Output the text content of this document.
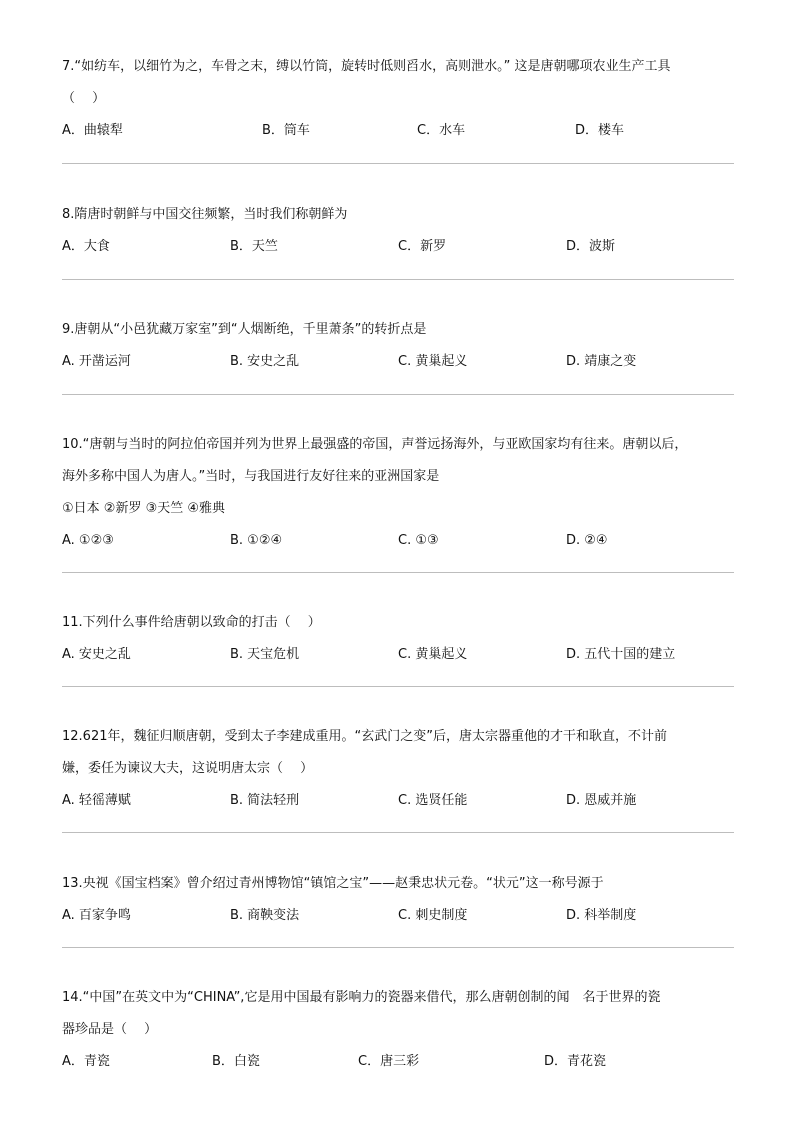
7.“如纺车，以细竹为之，车骨之末，缚以竹筒，旋转时低则舀水，高则泄水。” 这是唐朝哪项农业生产工具
（　 ）
A．曲辕犁	B．筒车	C．水车	D．楼车
8.隋唐时朝鲜与中国交往频繁，当时我们称朝鲜为
A．大食	B．天竺	C．新罗	D．波斯
9.唐朝从“小邑犹藏万家室”到“人烟断绝，千里萧条”的转折点是
A. 开凿运河	B. 安史之乱	C. 黄巢起义	D. 靖康之变
10.“唐朝与当时的阿拉伯帝国并列为世界上最强盛的帝国，声誉远扬海外，与亚欧国家均有往来。唐朝以后，
海外多称中国人为唐人。”当时，与我国进行友好往来的亚洲国家是
①日本 ②新罗 ③天竺 ④雅典
A. ①②③	B. ①②④	C. ①③	D. ②④
11.下列什么事件给唐朝以致命的打击（　 ）
A. 安史之乱	B. 天宝危机	C. 黄巢起义	D. 五代十国的建立
12.621年，魏征归顺唐朝，受到太子李建成重用。“玄武门之变”后，唐太宗器重他的才干和耿直，不计前
嫌，委任为谏议大夫，这说明唐太宗（　 ）
A. 轻徭薄赋	B. 简法轻刑	C. 选贤任能	D. 恩威并施
13.央视《国宝档案》曾介绍过青州博物馆“镇馆之宝”——赵秉忠状元卷。“状元”这一称号源于
A. 百家争鸣	B. 商鞅变法	C. 刺史制度	D. 科举制度
14.“中国”在英文中为“CHINA”,它是用中国最有影响力的瓷器来借代，那么唐朝创制的闻　名于世界的瓷
器珍品是（　 ）
A．青瓷	B．白瓷	C．唐三彩	D．青花瓷
